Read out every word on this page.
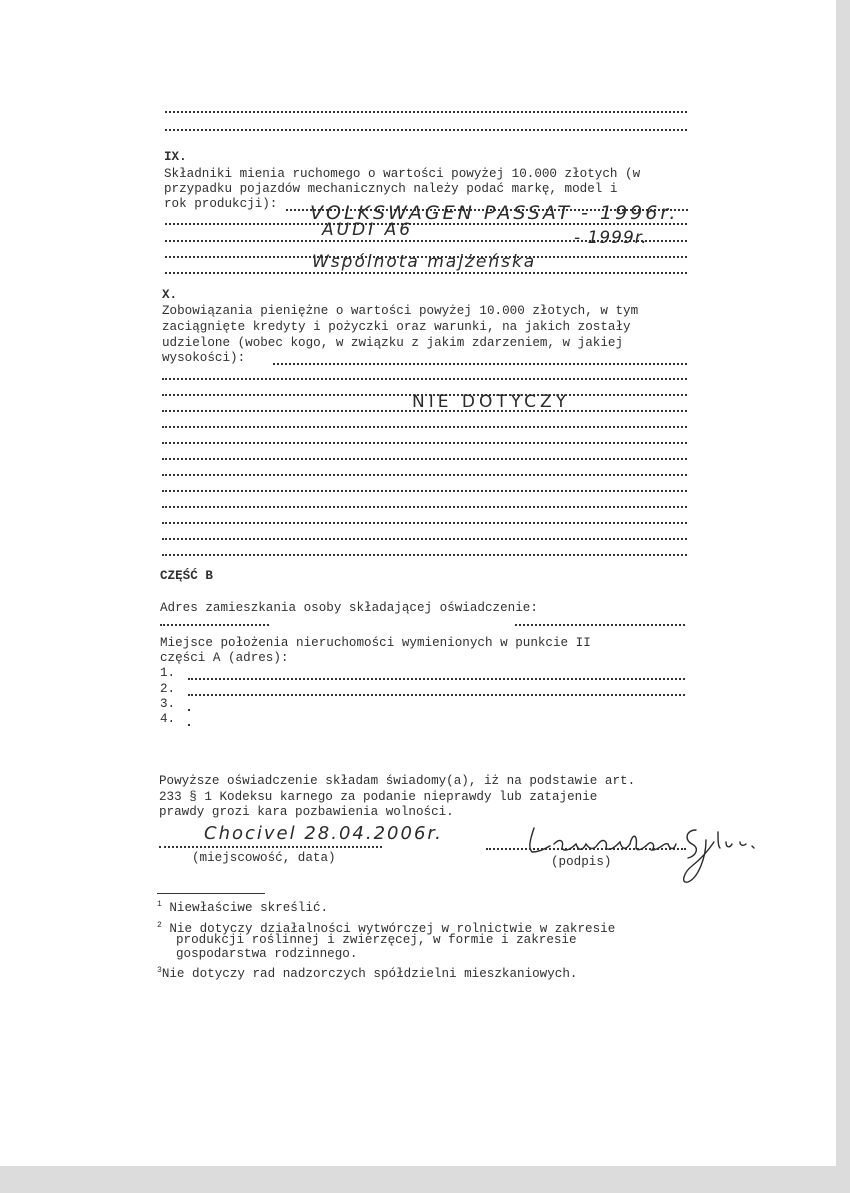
IX.
Składniki mienia ruchomego o wartości powyżej 10.000 złotych (w
przypadku pojazdów mechanicznych należy podać markę, model i
rok produkcji): VOLKSWAGEN PASSAT - 1996r.
AUDI A6	- 1999r.
Wspólnota majżeńska
X.
Zobowiązania pieniężne o wartości powyżej 10.000 złotych, w tym
zaciągnięte kredyty i pożyczki oraz warunki, na jakich zostały
udzielone (wobec kogo, w związku z jakim zdarzeniem, w jakiej
wysokości):
NIE DOTYCZY
CZĘŚĆ B
Adres zamieszkania osoby składającej oświadczenie:
Miejsce położenia nieruchomości wymienionych w punkcie II
części A (adres):
1.
2.
3.
4.
Powyższe oświadczenie składam świadomy(a), iż na podstawie art.
233 § 1 Kodeksu karnego za podanie nieprawdy lub zatajenie
prawdy grozi kara pozbawienia wolności.
Chocivel 28.04.2006r.
(miejscowość, data)	(podpis)
$^1$ Niewłaściwe skreślić.
$^2$ Nie dotyczy działalności wytwórczej w rolnictwie w zakresie
produkcji roślinnej i zwierzęcej, w formie i zakresie
gospodarstwa rodzinnego.
$^3$Nie dotyczy rad nadzorczych spółdzielni mieszkaniowych.
